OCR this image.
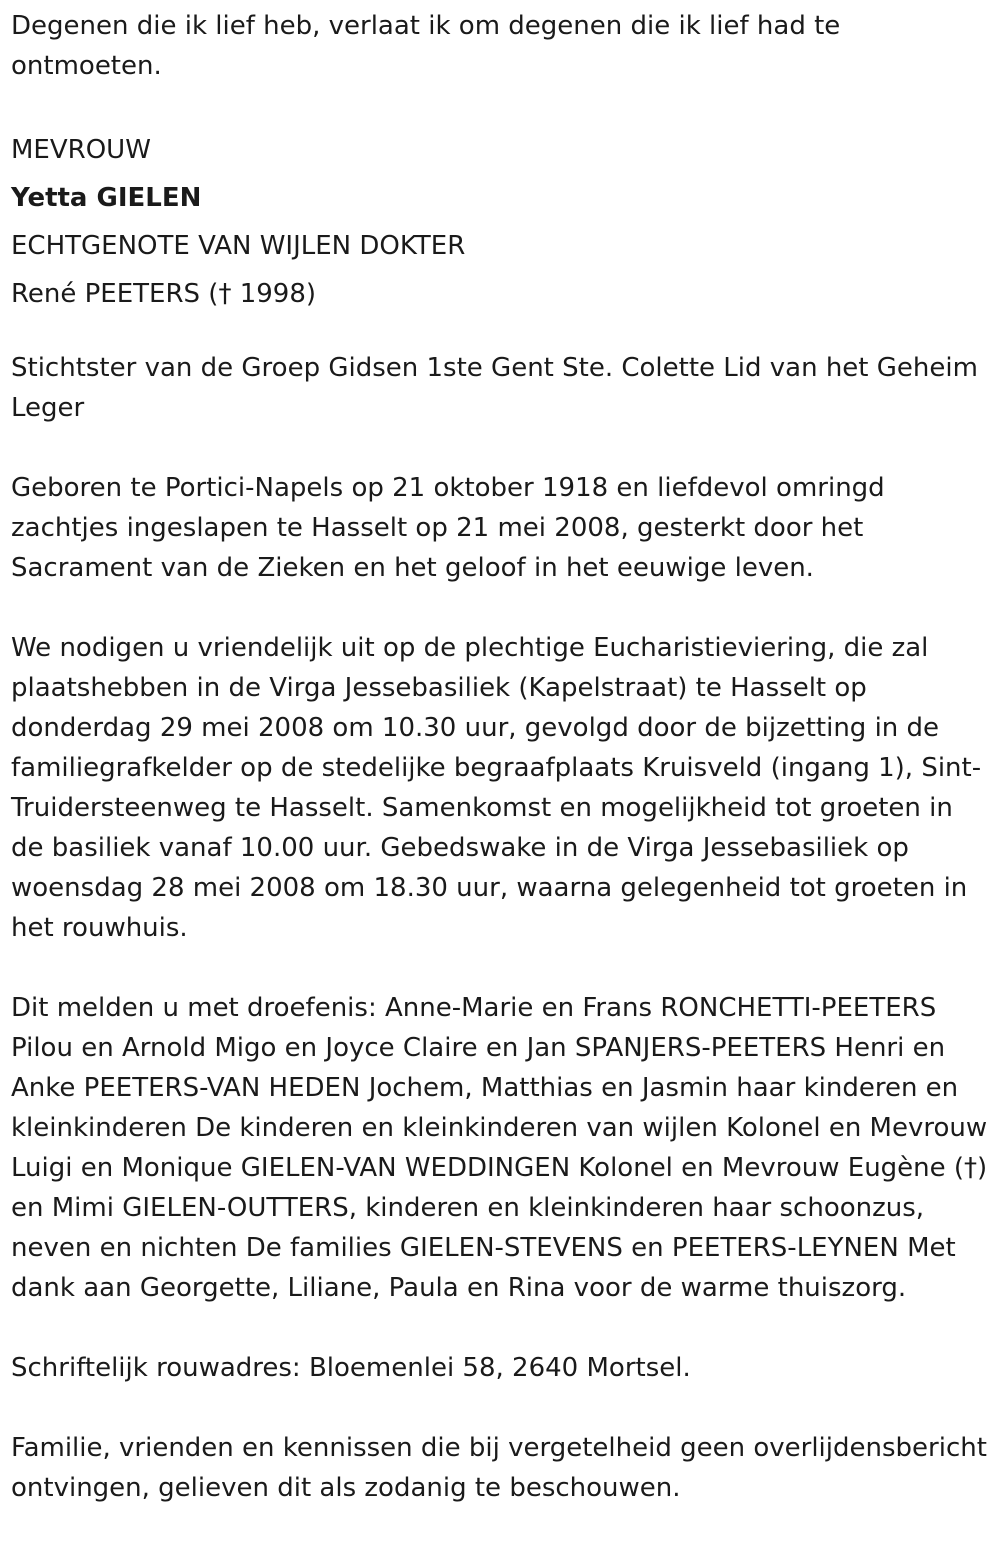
Degenen die ik lief heb, verlaat ik om degenen die ik lief had te ontmoeten.

MEVROUW
Yetta GIELEN
ECHTGENOTE VAN WIJLEN DOKTER
René PEETERS († 1998)

Stichtster van de Groep Gidsen 1ste Gent Ste. Colette Lid van het Geheim Leger

Geboren te Portici-Napels op 21 oktober 1918 en liefdevol omringd zachtjes ingeslapen te Hasselt op 21 mei 2008, gesterkt door het Sacrament van de Zieken en het geloof in het eeuwige leven.

We nodigen u vriendelijk uit op de plechtige Eucharistieviering, die zal plaatshebben in de Virga Jessebasiliek (Kapelstraat) te Hasselt op donderdag 29 mei 2008 om 10.30 uur, gevolgd door de bijzetting in de familiegrafkelder op de stedelijke begraafplaats Kruisveld (ingang 1), Sint-Truidersteenweg te Hasselt. Samenkomst en mogelijkheid tot groeten in de basiliek vanaf 10.00 uur. Gebedswake in de Virga Jessebasiliek op woensdag 28 mei 2008 om 18.30 uur, waarna gelegenheid tot groeten in het rouwhuis.

Dit melden u met droefenis: Anne-Marie en Frans RONCHETTI-PEETERS Pilou en Arnold Migo en Joyce Claire en Jan SPANJERS-PEETERS Henri en Anke PEETERS-VAN HEDEN Jochem, Matthias en Jasmin haar kinderen en kleinkinderen De kinderen en kleinkinderen van wijlen Kolonel en Mevrouw Luigi en Monique GIELEN-VAN WEDDINGEN Kolonel en Mevrouw Eugène (†) en Mimi GIELEN-OUTTERS, kinderen en kleinkinderen haar schoonzus, neven en nichten De families GIELEN-STEVENS en PEETERS-LEYNEN Met dank aan Georgette, Liliane, Paula en Rina voor de warme thuiszorg.

Schriftelijk rouwadres: Bloemenlei 58, 2640 Mortsel.

Familie, vrienden en kennissen die bij vergetelheid geen overlijdensbericht ontvingen, gelieven dit als zodanig te beschouwen.
